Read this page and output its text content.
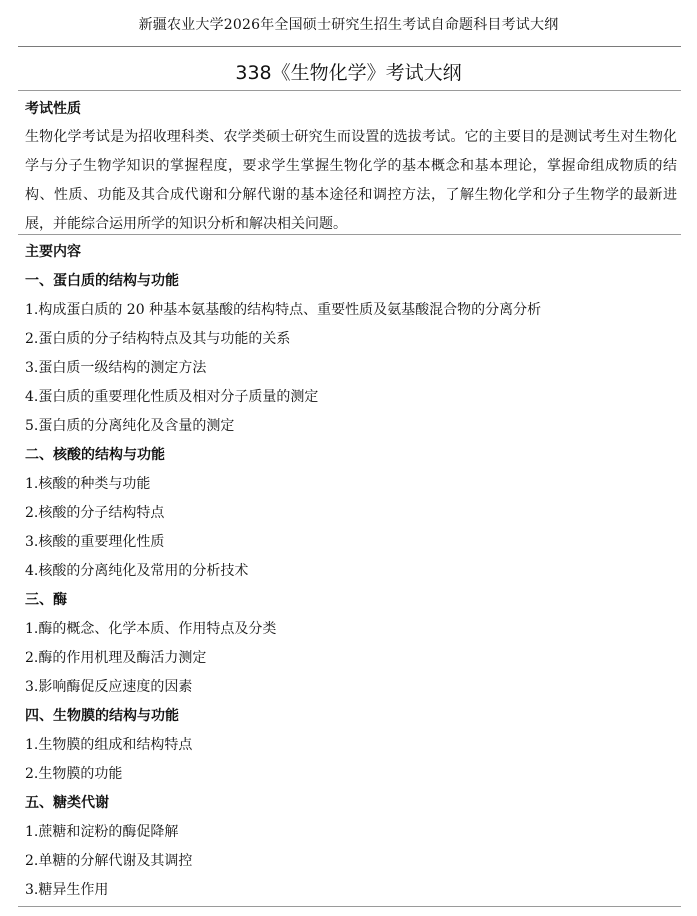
新疆农业大学2026年全国硕士研究生招生考试自命题科目考试大纲
338《生物化学》考试大纲
考试性质
生物化学考试是为招收理科类、农学类硕士研究生而设置的选拔考试。它的主要目的是测试考生对生物化学与分子生物学知识的掌握程度，要求学生掌握生物化学的基本概念和基本理论，掌握命组成物质的结构、性质、功能及其合成代谢和分解代谢的基本途径和调控方法，了解生物化学和分子生物学的最新进展，并能综合运用所学的知识分析和解决相关问题。
主要内容
一、蛋白质的结构与功能
1.构成蛋白质的 20 种基本氨基酸的结构特点、重要性质及氨基酸混合物的分离分析
2.蛋白质的分子结构特点及其与功能的关系
3.蛋白质一级结构的测定方法
4.蛋白质的重要理化性质及相对分子质量的测定
5.蛋白质的分离纯化及含量的测定
二、核酸的结构与功能
1.核酸的种类与功能
2.核酸的分子结构特点
3.核酸的重要理化性质
4.核酸的分离纯化及常用的分析技术
三、酶
1.酶的概念、化学本质、作用特点及分类
2.酶的作用机理及酶活力测定
3.影响酶促反应速度的因素
四、生物膜的结构与功能
1.生物膜的组成和结构特点
2.生物膜的功能
五、糖类代谢
1.蔗糖和淀粉的酶促降解
2.单糖的分解代谢及其调控
3.糖异生作用
